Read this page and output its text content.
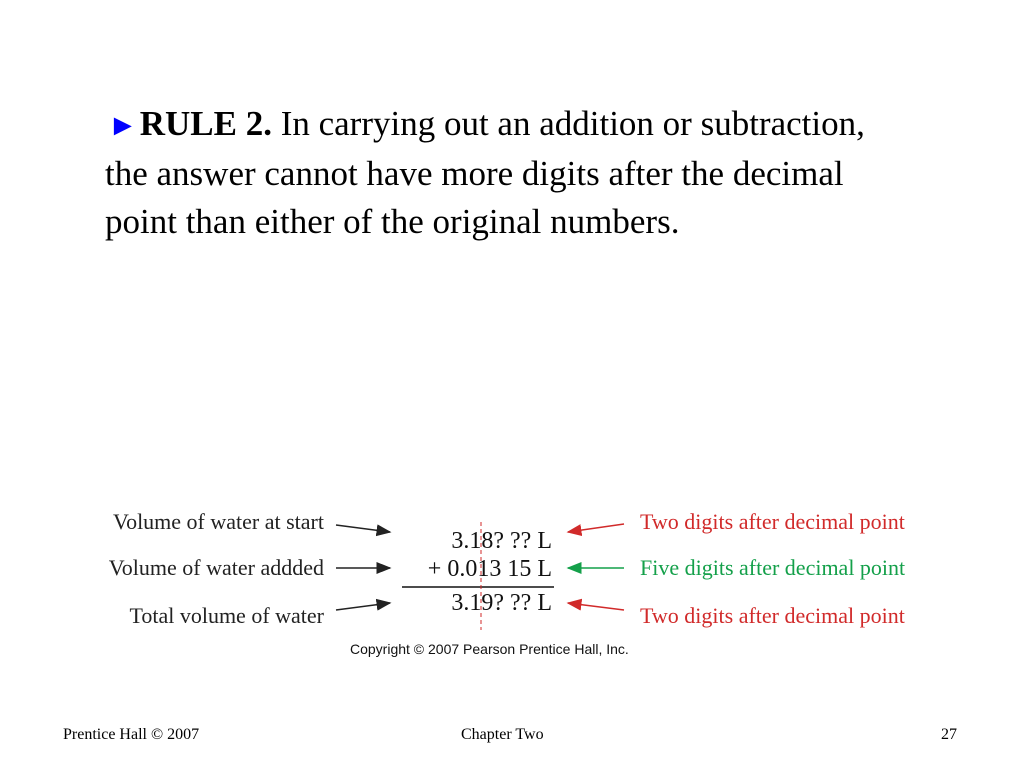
►RULE 2. In carrying out an addition or subtraction, the answer cannot have more digits after the decimal point than either of the original numbers.
Volume of water at start
Volume of water addded
Total volume of water
3.18? ?? L
+ 0.013 15 L
3.19? ?? L
Two digits after decimal point
Five digits after decimal point
Two digits after decimal point
Copyright © 2007 Pearson Prentice Hall, Inc.
Prentice Hall © 2007	Chapter Two	27
